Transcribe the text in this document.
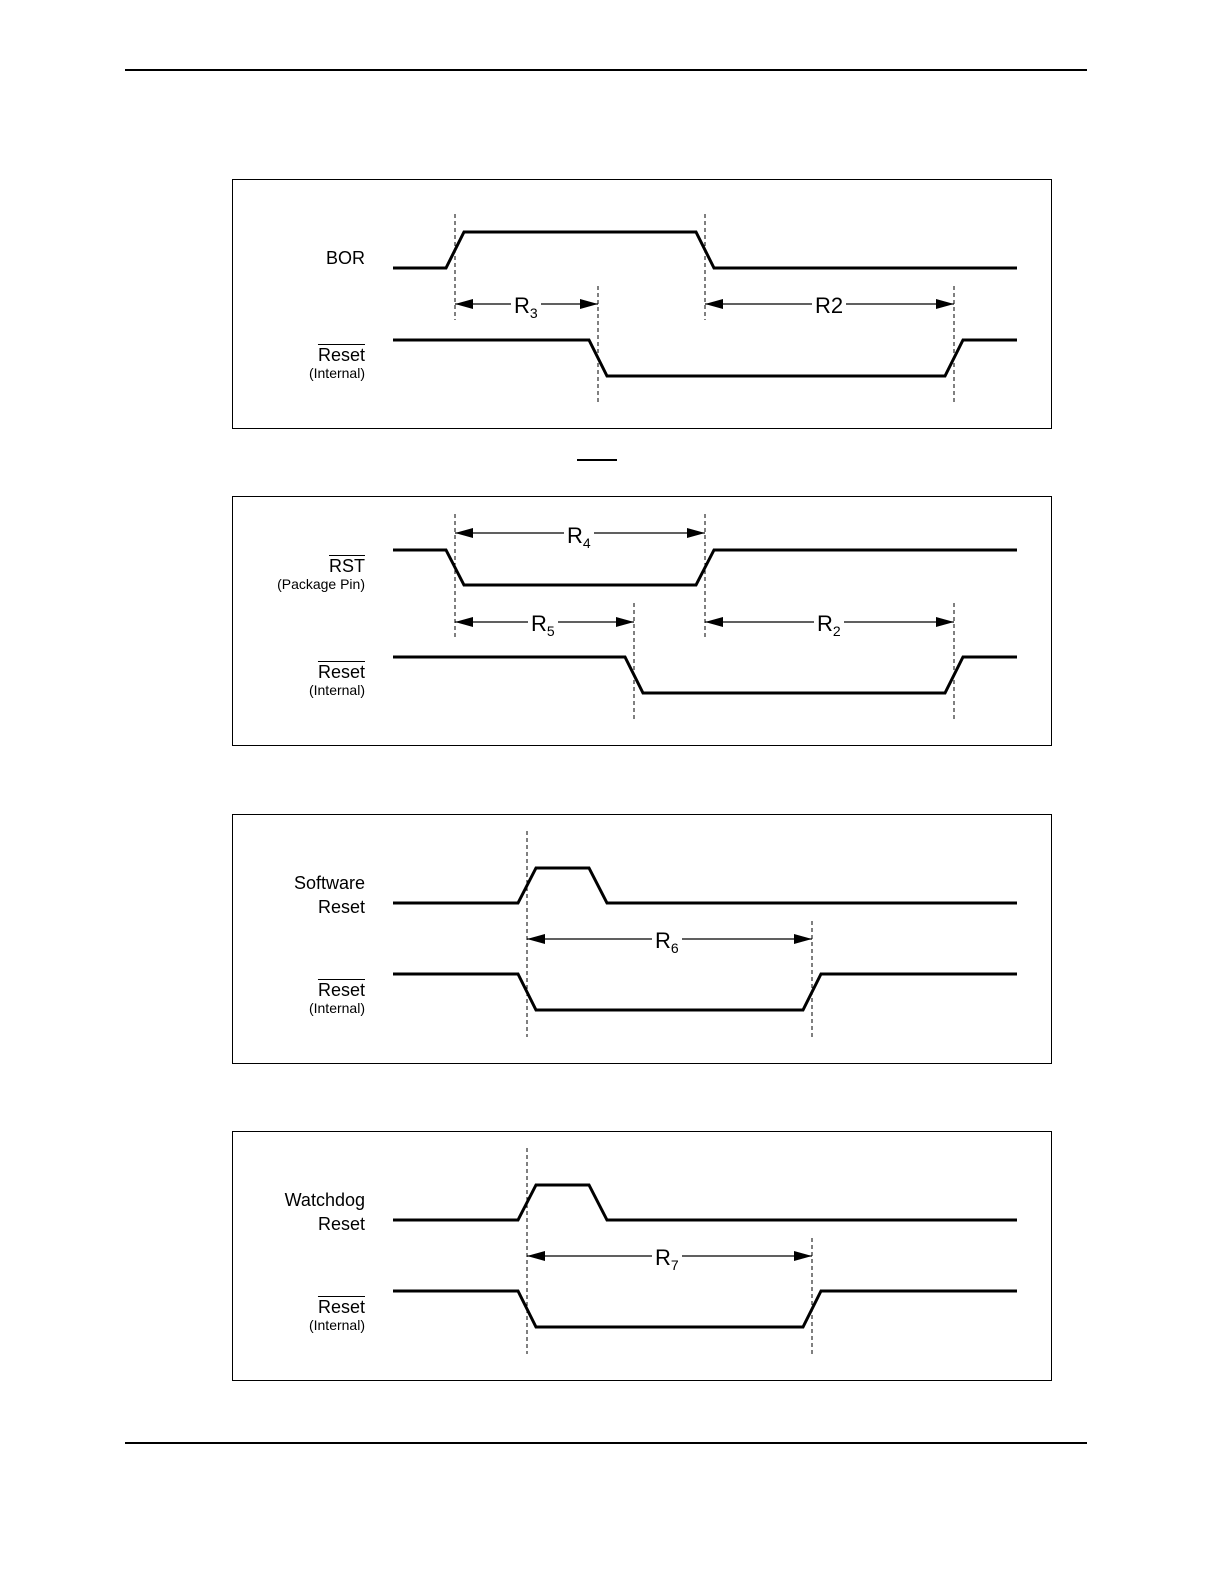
BOR
Reset
(Internal)
$R_3$	R2
$\overline{RST}$
(Package Pin)
Reset
(Internal)
$R_4$
$R_5$	$R_2$
Software
Reset
Reset
(Internal)
$R_6$
Watchdog
Reset
Reset
(Internal)
$R_7$
